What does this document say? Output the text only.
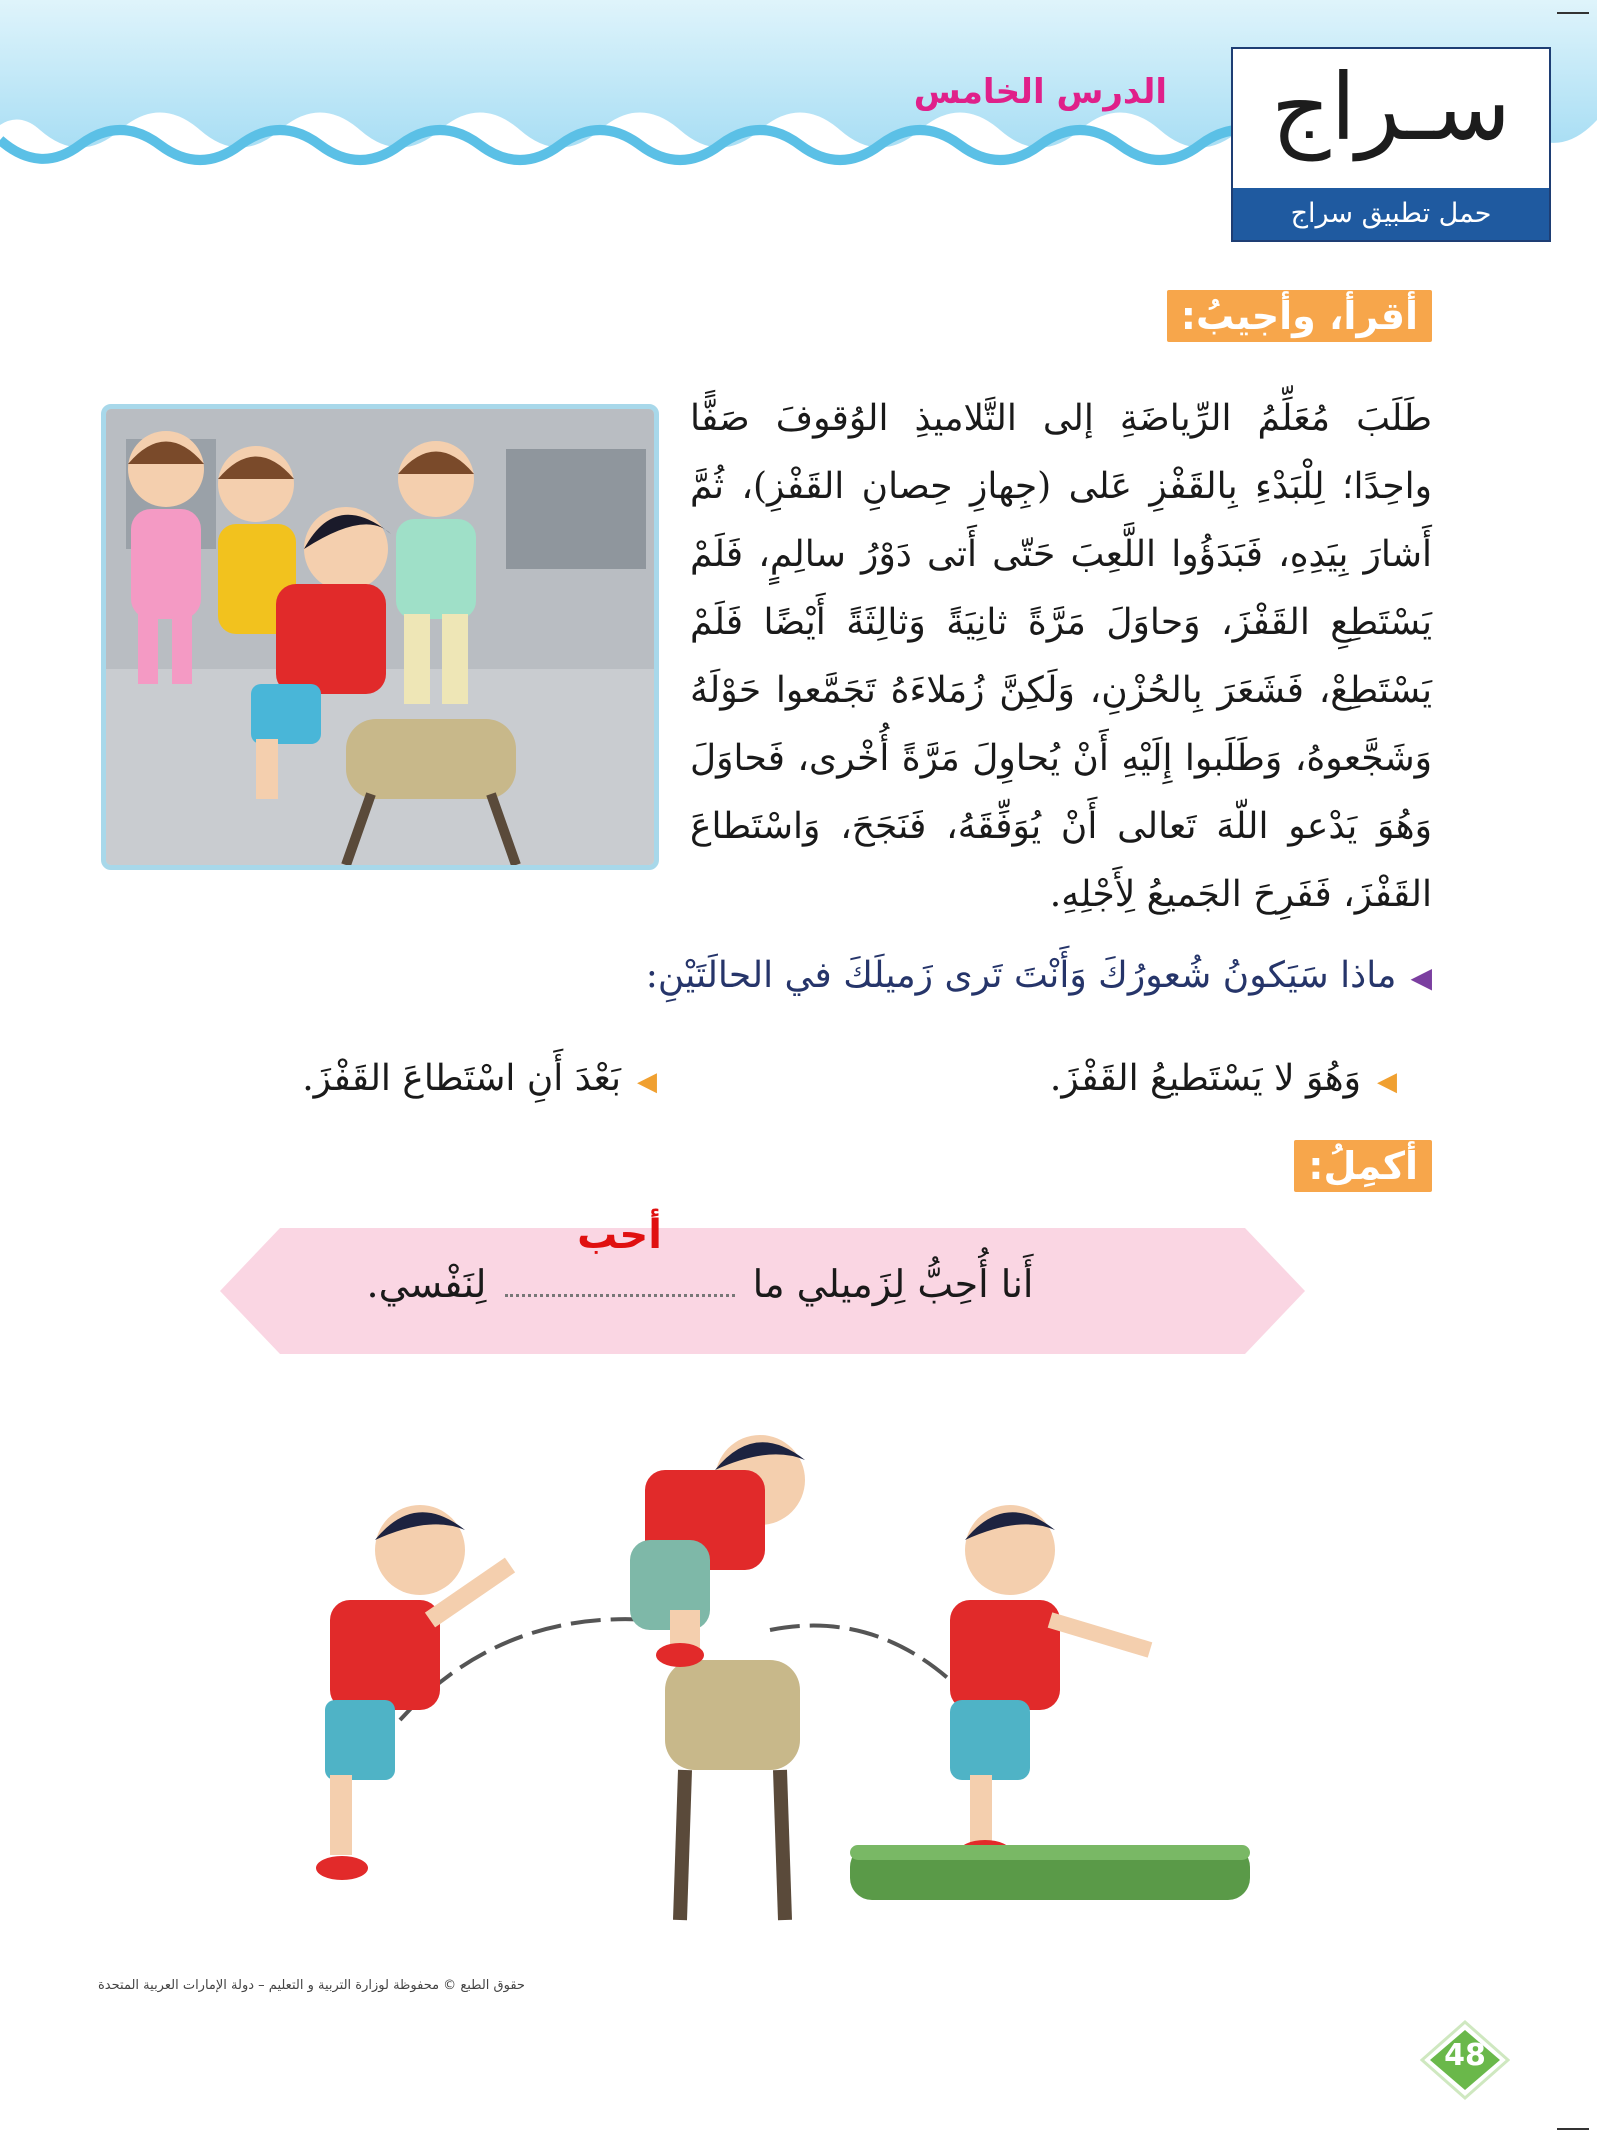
الدرس الخامس	سـراج
حمل تطبيق سراج
أقرأ، وأجيبُ:
طَلَبَ مُعَلِّمُ الرِّياضَةِ إلى التَّلاميذِ الوُقوفَ صَفًّا واحِدًا؛ لِلْبَدْءِ بِالقَفْزِ عَلى (جِهازِ حِصانِ القَفْزِ)، ثُمَّ أَشارَ بِيَدِهِ، فَبَدَؤُوا اللَّعِبَ حَتّى أَتى دَوْرُ سالِمٍ، فَلَمْ يَسْتَطِعِ القَفْزَ، وَحاوَلَ مَرَّةً ثانِيَةً وَثالِثَةً أَيْضًا فَلَمْ يَسْتَطِعْ، فَشَعَرَ بِالحُزْنِ، وَلَكِنَّ زُمَلاءَهُ تَجَمَّعوا حَوْلَهُ وَشَجَّعوهُ، وَطَلَبوا إِلَيْهِ أَنْ يُحاوِلَ مَرَّةً أُخْرى، فَحاوَلَ وَهُوَ يَدْعو اللّهَ تَعالى أَنْ يُوَفِّقَهُ، فَنَجَحَ، وَاسْتَطاعَ القَفْزَ، فَفَرِحَ الجَميعُ لِأَجْلِهِ.
◀ماذا سَيَكونُ شُعورُكَ وَأَنْتَ تَرى زَميلَكَ في الحالَتَيْنِ:
◀وَهُوَ لا يَسْتَطيعُ القَفْزَ.
◀بَعْدَ أَنِ اسْتَطاعَ القَفْزَ.
أُكمِلُ:
أَنا أُحِبُّ لِزَميلي ما
أحب
لِنَفْسي.
حقوق الطبع © محفوظة لوزارة التربية و التعليم – دولة الإمارات العربية المتحدة
48
